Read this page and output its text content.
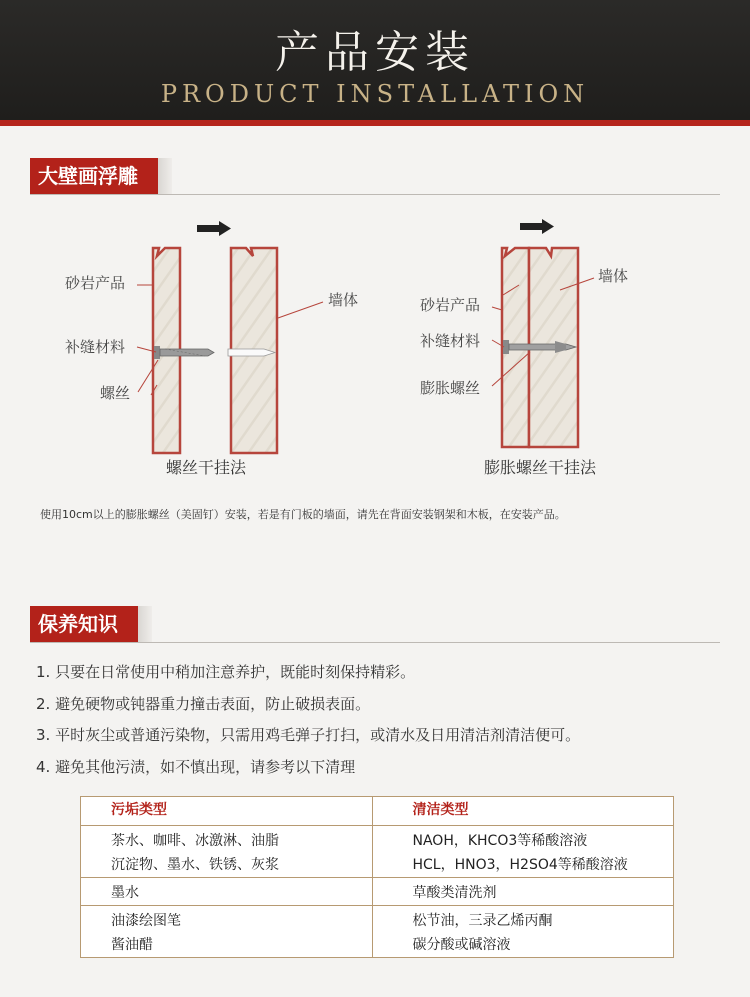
产品安装
PRODUCT INSTALLATION
大壁画浮雕
砂岩产品
补缝材料
螺丝
墙体
螺丝干挂法
砂岩产品
补缝材料
膨胀螺丝
墙体
膨胀螺丝干挂法
使用10cm以上的膨胀螺丝（美固钉）安装，若是有门板的墙面，请先在背面安装钢架和木板，在安装产品。
保养知识
1. 只要在日常使用中稍加注意养护，既能时刻保持精彩。
2. 避免硬物或钝器重力撞击表面，防止破损表面。
3. 平时灰尘或普通污染物，只需用鸡毛弹子打扫，或清水及日用清洁剂清洁便可。
4. 避免其他污渍，如不慎出现，请参考以下清理
污垢类型	清洁类型
茶水、咖啡、冰激淋、油脂
沉淀物、墨水、铁锈、灰浆
NAOH，KHCO3等稀酸溶液
HCL，HNO3，H2SO4等稀酸溶液
墨水	草酸类清洗剂
油漆绘图笔
酱油醋
松节油，三录乙烯丙酮
碳分酸或碱溶液
